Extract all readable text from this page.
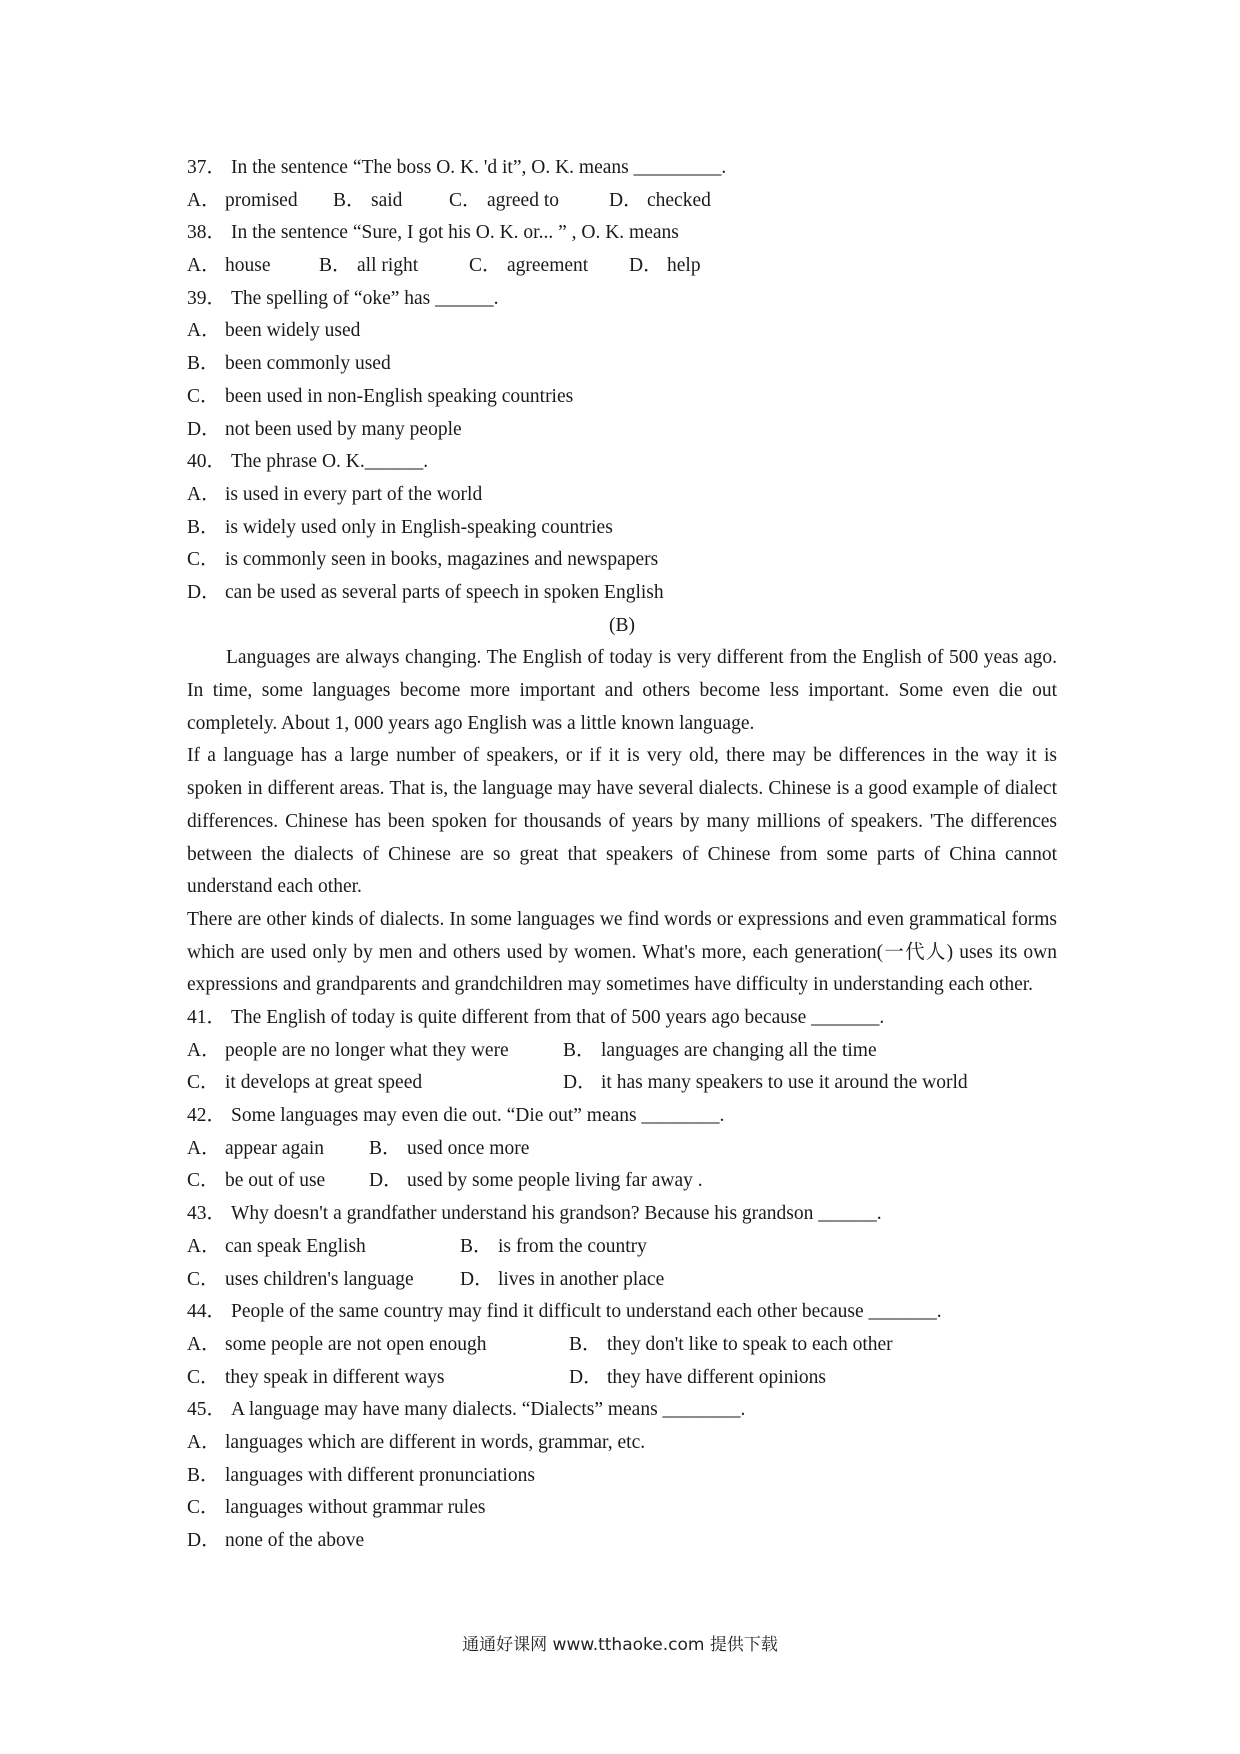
37． In the sentence “The boss O. K. 'd it”, O. K. means _________.
A． promised	B． said	C． agreed to	D． checked
38． In the sentence “Sure, I got his O. K. or... ” , O. K. means
A． house	B． all right	C． agreement	D． help
39． The spelling of “oke” has ______.
A． been widely used
B． been commonly used
C． been used in non-English speaking countries
D． not been used by many people
40． The phrase O. K.______.
A． is used in every part of the world
B． is widely used only in English-speaking countries
C． is commonly seen in books, magazines and newspapers
D． can be used as several parts of speech in spoken English
(B)
Languages are always changing. The English of today is very different from the English of 500 yeas ago. In time, some languages become more important and others become less important. Some even die out completely. About 1, 000 years ago English was a little known language.
If a language has a large number of speakers, or if it is very old, there may be differences in the way it is spoken in different areas. That is, the language may have several dialects. Chinese is a good example of dialect differences. Chinese has been spoken for thousands of years by many millions of speakers. 'The differences between the dialects of Chinese are so great that speakers of Chinese from some parts of China cannot understand each other.
There are other kinds of dialects. In some languages we find words or expressions and even grammatical forms which are used only by men and others used by women. What's more, each generation(一代人) uses its own expressions and grandparents and grandchildren may sometimes have difficulty in understanding each other.
41． The English of today is quite different from that of 500 years ago because _______.
A． people are no longer what they were	B． languages are changing all the time
C． it develops at great speed	D． it has many speakers to use it around the world
42． Some languages may even die out. “Die out” means ________.
A． appear again	B． used once more
C． be out of use	D． used by some people living far away .
43． Why doesn't a grandfather understand his grandson? Because his grandson ______.
A． can speak English	B． is from the country
C． uses children's language	D． lives in another place
44． People of the same country may find it difficult to understand each other because _______.
A． some people are not open enough	B． they don't like to speak to each other
C． they speak in different ways	D． they have different opinions
45． A language may have many dialects. “Dialects” means ________.
A． languages which are different in words, grammar, etc.
B． languages with different pronunciations
C． languages without grammar rules
D． none of the above
通通好课网 www.tthaoke.com 提供下载
